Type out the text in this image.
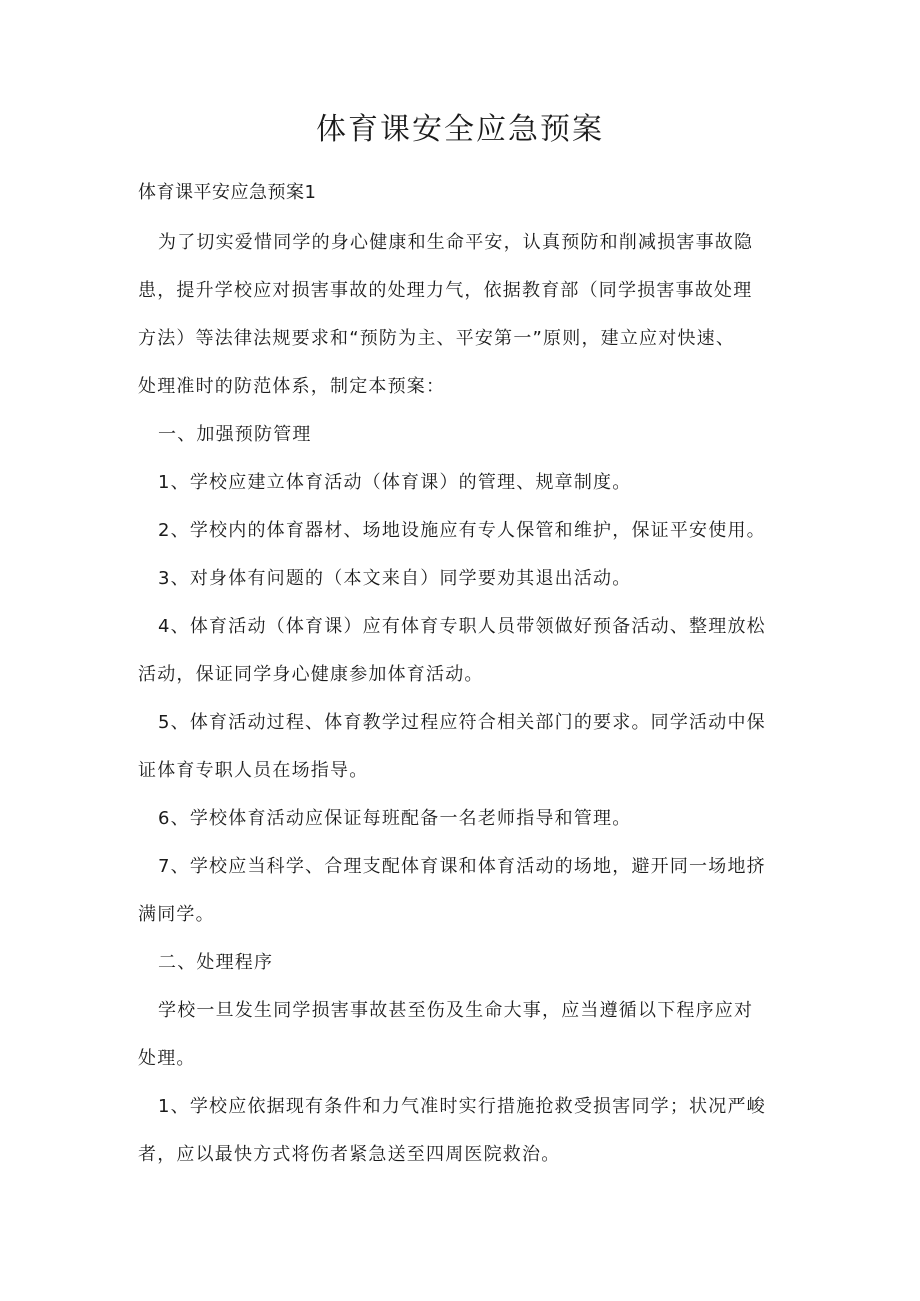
体育课安全应急预案
体育课平安应急预案1
为了切实爱惜同学的身心健康和生命平安，认真预防和削减损害事故隐
患，提升学校应对损害事故的处理力气，依据教育部（同学损害事故处理
方法）等法律法规要求和“预防为主、平安第一”原则，建立应对快速、
处理准时的防范体系，制定本预案：
一、加强预防管理
1、学校应建立体育活动（体育课）的管理、规章制度。
2、学校内的体育器材、场地设施应有专人保管和维护，保证平安使用。
3、对身体有问题的（本文来自）同学要劝其退出活动。
4、体育活动（体育课）应有体育专职人员带领做好预备活动、整理放松
活动，保证同学身心健康参加体育活动。
5、体育活动过程、体育教学过程应符合相关部门的要求。同学活动中保
证体育专职人员在场指导。
6、学校体育活动应保证每班配备一名老师指导和管理。
7、学校应当科学、合理支配体育课和体育活动的场地，避开同一场地挤
满同学。
二、处理程序
学校一旦发生同学损害事故甚至伤及生命大事，应当遵循以下程序应对
处理。
1、学校应依据现有条件和力气准时实行措施抢救受损害同学；状况严峻
者，应以最快方式将伤者紧急送至四周医院救治。
